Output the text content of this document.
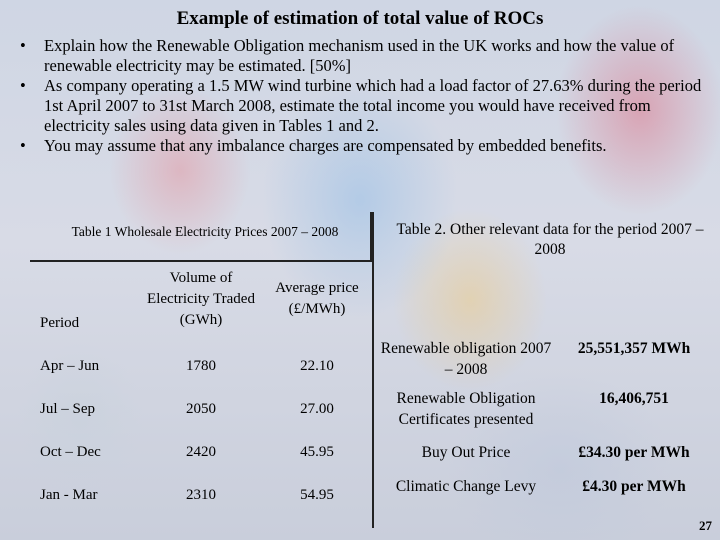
Example of estimation of total value of ROCs
• Explain how the Renewable Obligation mechanism used in the UK works and how the value of renewable electricity may be estimated. [50%]
• As company operating a 1.5 MW wind turbine which had a load factor of 27.63% during the period 1st April 2007 to 31st March 2008, estimate the total income you would have received from electricity sales using data given in Tables 1 and 2.
• You may assume that any imbalance charges are compensated by embedded benefits.
Table 1 Wholesale Electricity Prices 2007 – 2008
Period	Volume of Electricity Traded (GWh)	Average price (£/MWh)
Apr – Jun	1780	22.10
Jul – Sep	2050	27.00
Oct – Dec	2420	45.95
Jan - Mar	2310	54.95
Table 2. Other relevant data for the period 2007 – 2008
Renewable obligation 2007 – 2008	25,551,357 MWh
Renewable Obligation Certificates presented	16,406,751
Buy Out Price	£34.30 per MWh
Climatic Change Levy	£4.30 per MWh
27
